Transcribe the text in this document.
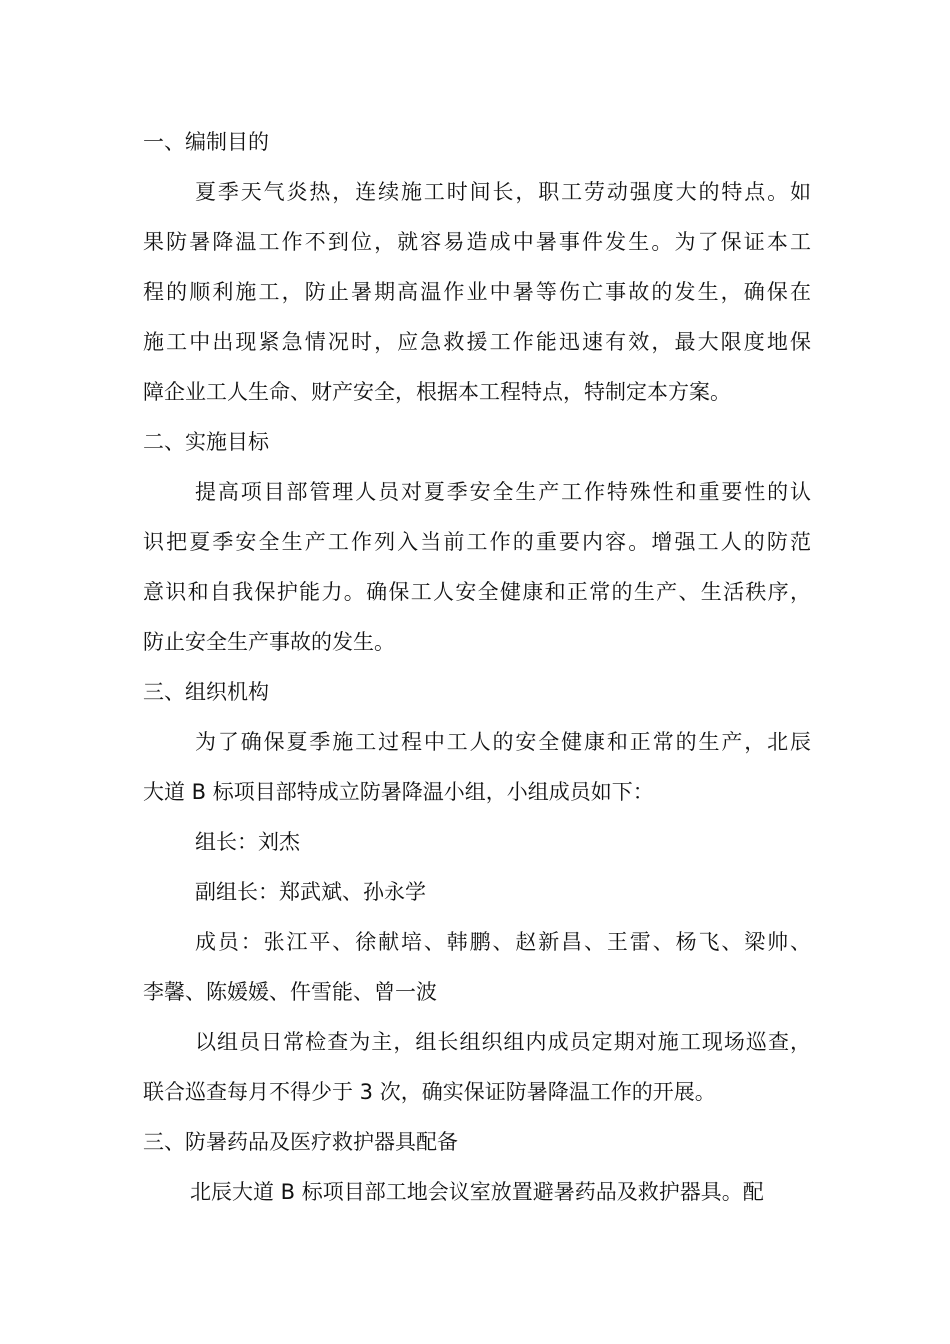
一、编制目的
夏季天气炎热，连续施工时间长，职工劳动强度大的特点。如
果防暑降温工作不到位，就容易造成中暑事件发生。为了保证本工
程的顺利施工，防止暑期高温作业中暑等伤亡事故的发生，确保在
施工中出现紧急情况时，应急救援工作能迅速有效，最大限度地保
障企业工人生命、财产安全，根据本工程特点，特制定本方案。
二、实施目标
提高项目部管理人员对夏季安全生产工作特殊性和重要性的认
识把夏季安全生产工作列入当前工作的重要内容。增强工人的防范
意识和自我保护能力。确保工人安全健康和正常的生产、生活秩序，
防止安全生产事故的发生。
三、组织机构
为了确保夏季施工过程中工人的安全健康和正常的生产，北辰
大道 B 标项目部特成立防暑降温小组，小组成员如下：
组长：刘杰
副组长：郑武斌、孙永学
成员：张江平、徐献培、韩鹏、赵新昌、王雷、杨飞、梁帅、
李馨、陈媛媛、仵雪能、曾一波
以组员日常检查为主，组长组织组内成员定期对施工现场巡查，
联合巡查每月不得少于 3 次，确实保证防暑降温工作的开展。
三、防暑药品及医疗救护器具配备
北辰大道 B 标项目部工地会议室放置避暑药品及救护器具。配
